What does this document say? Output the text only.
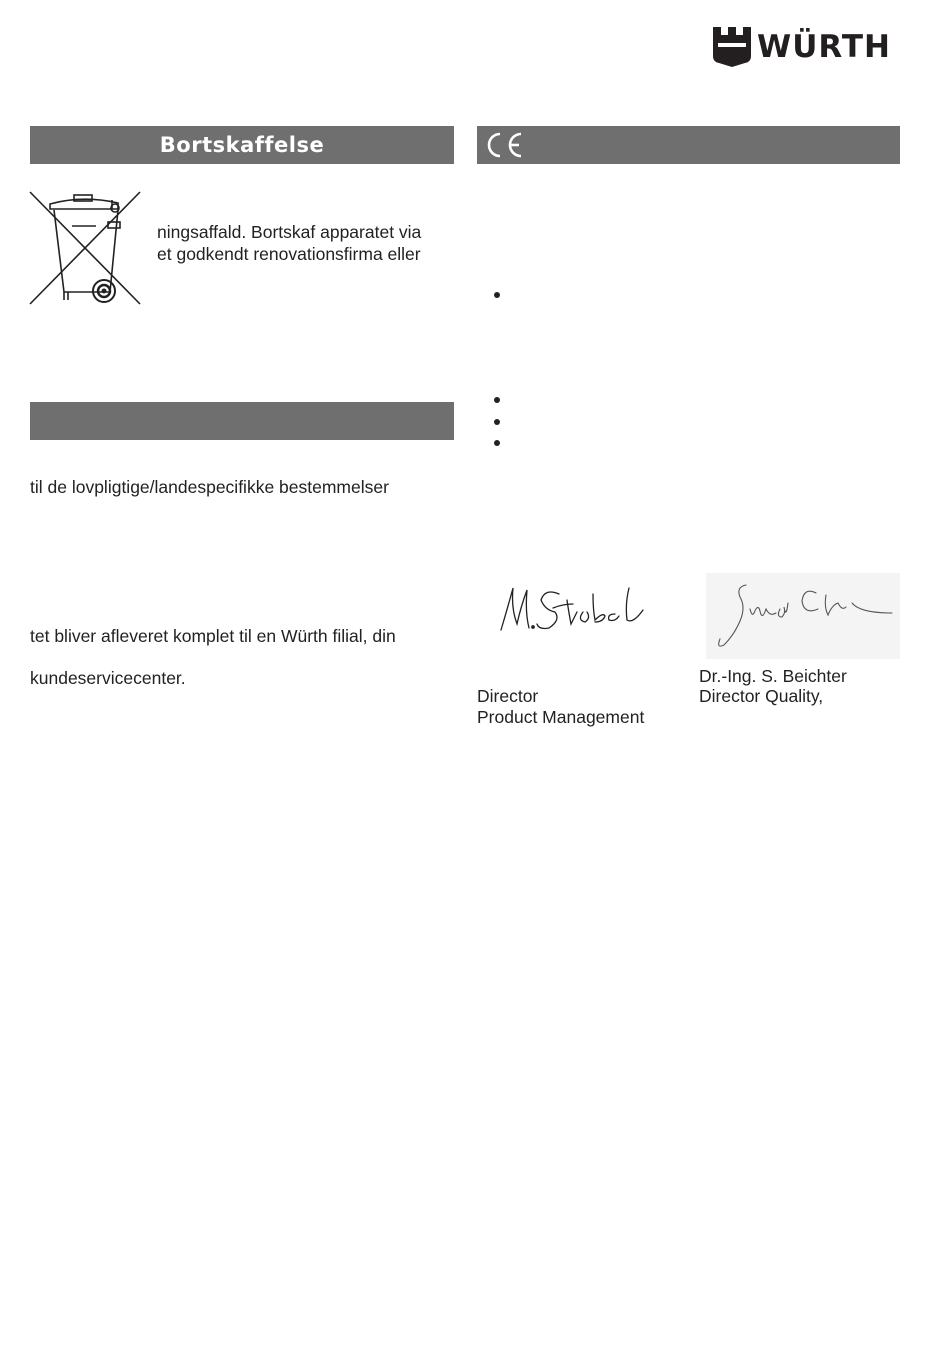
WÜRTH
Bortskaffelse
ningsaffald. Bortskaf apparatet via
et godkendt renovationsfirma eller
til de lovpligtige/landespecifikke bestemmelser
tet bliver afleveret komplet til en Würth filial, din
kundeservicecenter.
Director
Product Management
Dr.-Ing. S. Beichter
Director Quality,
